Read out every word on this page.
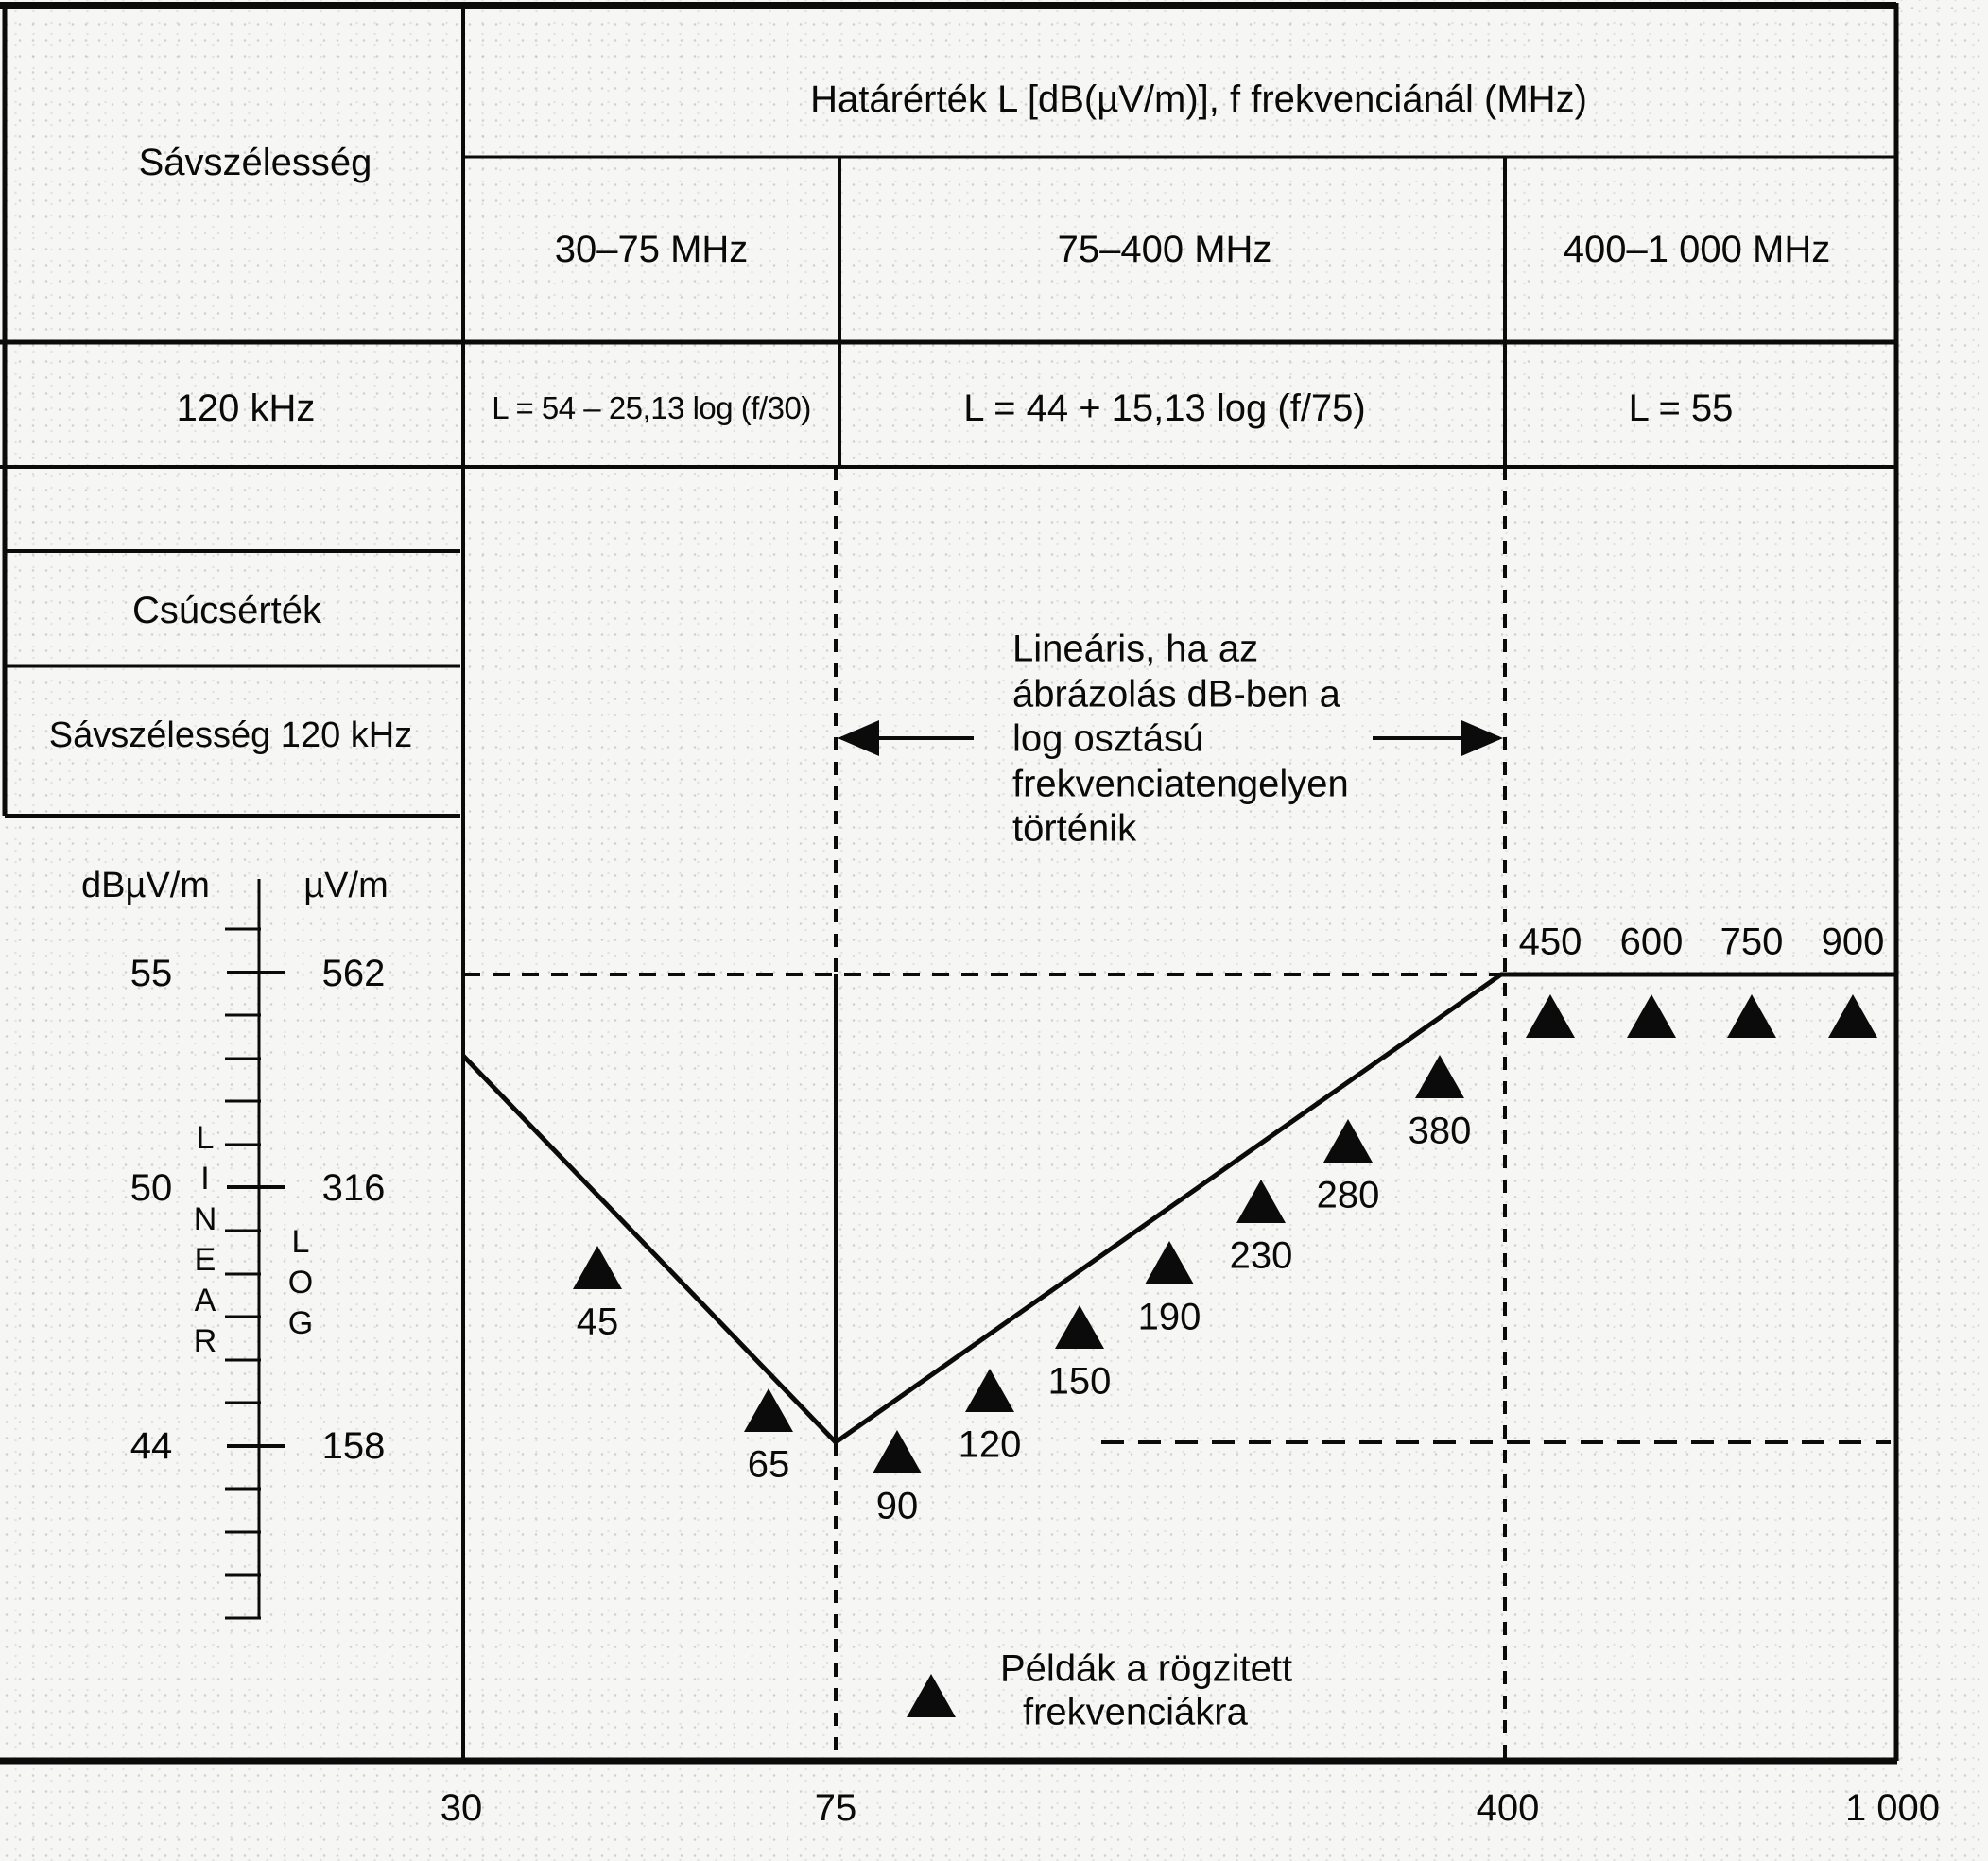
Sávszélesség
Határérték L [dB(µV/m)], f frekvenciánál (MHz)
30–75 MHz	75–400 MHz	400–1 000 MHz
120 kHz	L = 54 – 25,13 log (f/30)	L = 44 + 15,13 log (f/75)	L = 55
Csúcsérték
Sávszélesség 120 kHz
dBµV/m	µV/m
55	562
50	316
44	158
L
I
N
E
A
R
L
O
G
Lineáris, ha az
ábrázolás dB-ben a
log osztású
frekvenciatengelyen
történik
Példák a rögzitett
frekvenciákra
30	75	400	1 000
45
65
90
120
150
190
230
280
380
450 600 750 900
